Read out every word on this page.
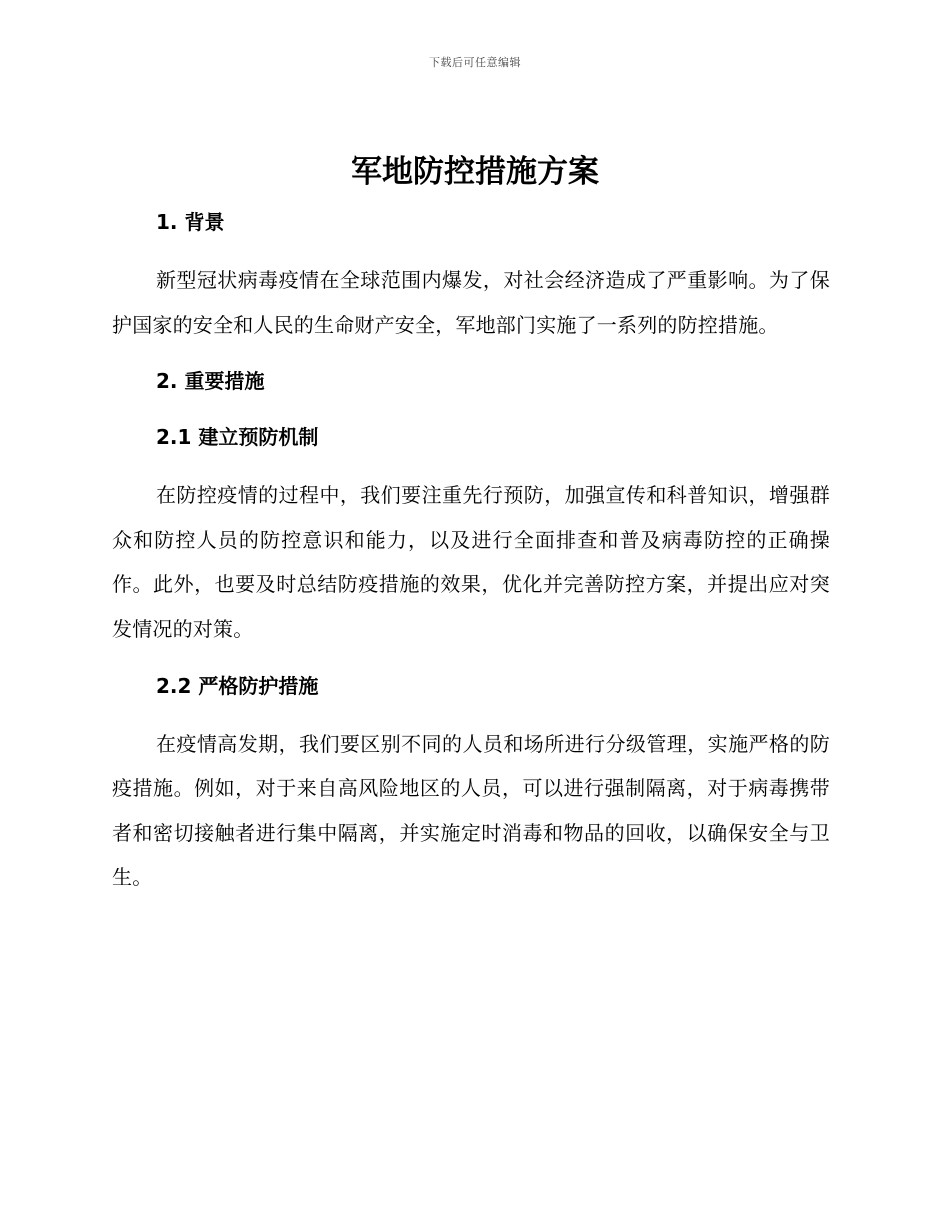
下载后可任意编辑
军地防控措施方案
1. 背景

新型冠状病毒疫情在全球范围内爆发，对社会经济造成了严重影响。为了保护国家的安全和人民的生命财产安全，军地部门实施了一系列的防控措施。

2. 重要措施
2.1 建立预防机制

在防控疫情的过程中，我们要注重先行预防，加强宣传和科普知识，增强群众和防控人员的防控意识和能力，以及进行全面排查和普及病毒防控的正确操作。此外，也要及时总结防疫措施的效果，优化并完善防控方案，并提出应对突发情况的对策。

2.2 严格防护措施

在疫情高发期，我们要区别不同的人员和场所进行分级管理，实施严格的防疫措施。例如，对于来自高风险地区的人员，可以进行强制隔离，对于病毒携带者和密切接触者进行集中隔离，并实施定时消毒和物品的回收，以确保安全与卫生。
